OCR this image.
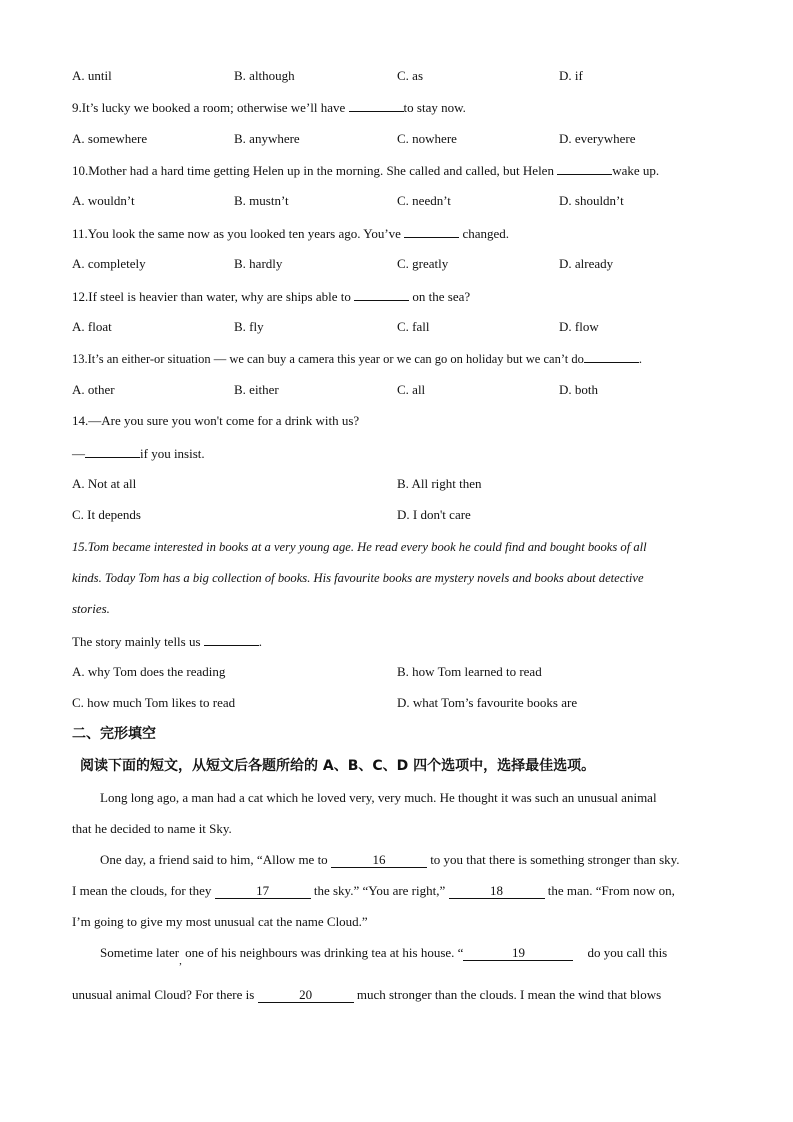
A. until	B. although	C. as	D. if
9.It’s lucky we booked a room; otherwise we’ll have	to stay now.
A. somewhere	B. anywhere	C. nowhere	D. everywhere
10.Mother had a hard time getting Helen up in the morning. She called and called, but Helen	wake up.
A. wouldn’t	B. mustn’t	C. needn’t	D. shouldn’t
11.You look the same now as you looked ten years ago. You’ve	changed.
A. completely	B. hardly	C. greatly	D. already
12.If steel is heavier than water, why are ships able to	on the sea?
A. float	B. fly	C. fall	D. flow
13.It’s an either-or situation — we can buy a camera this year or we can go on holiday but we can’t do	.
A. other	B. either	C. all	D. both
14.—Are you sure you won't come for a drink with us?
—	if you insist.
A. Not at all	B. All right then
C. It depends	D. I don't care
15.Tom became interested in books at a very young age. He read every book he could find and bought books of all
kinds. Today Tom has a big collection of books. His favourite books are mystery novels and books about detective
stories.
The story mainly tells us	.
A. why Tom does the reading	B. how Tom learned to read
C. how much Tom likes to read	D. what Tom’s favourite books are
二、完形填空
阅读下面的短文，从短文后各题所给的 A、B、C、D 四个选项中，选择最佳选项。
Long long ago, a man had a cat which he loved very, very much. He thought it was such an unusual animal
that he decided to name it Sky.
One day, a friend said to him, “Allow me to	16	to you that there is something stronger than sky.
I mean the clouds, for they	17	the sky.” “You are right,”	18	the man. “From now on,
I’m going to give my most unusual cat the name Cloud.”
Sometime later$_,$ one of his neighbours was drinking tea at his house. “	19	do you call this
unusual animal Cloud? For there is	20	much stronger than the clouds. I mean the wind that blows
